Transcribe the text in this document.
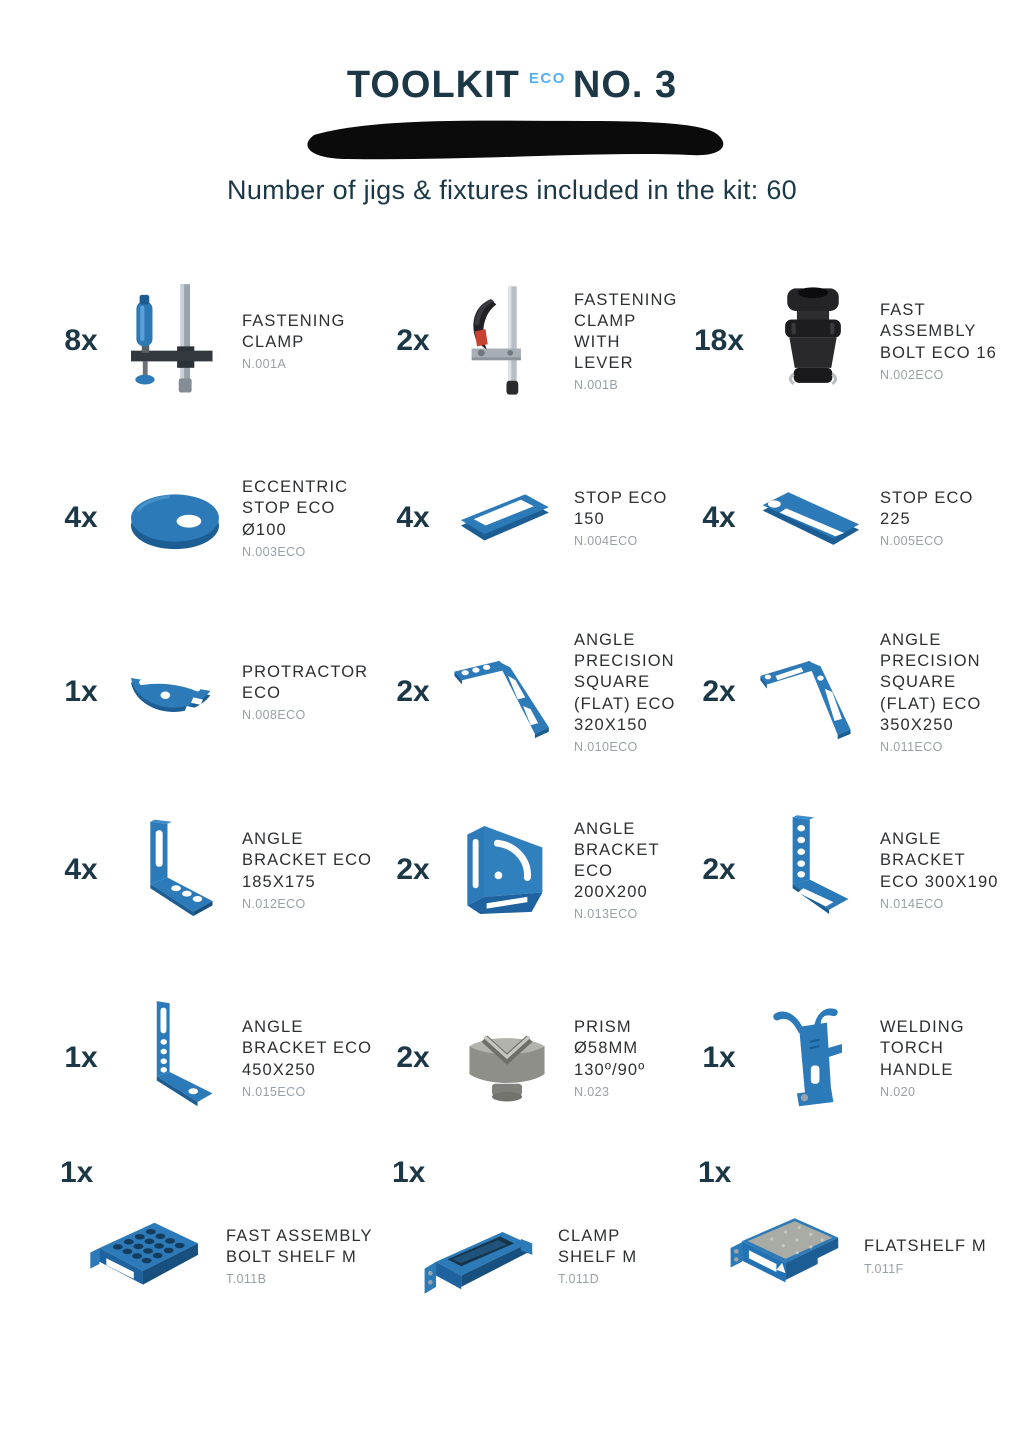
TOOLKIT $^{ECO}$ NO. 3
Number of jigs & fixtures included in the kit: 60
8x
FASTENING CLAMP
N.001A
2x
FASTENING CLAMP WITH LEVER
N.001B
18x
FAST ASSEMBLY BOLT ECO 16
N.002ECO
4x
ECCENTRIC STOP ECO Ø100
N.003ECO
4x
STOP ECO 150
N.004ECO
4x
STOP ECO 225
N.005ECO
1x
PROTRACTOR ECO
N.008ECO
2x
ANGLE PRECISION SQUARE (FLAT) ECO 320X150
N.010ECO
2x
ANGLE PRECISION SQUARE (FLAT) ECO 350X250
N.011ECO
4x
ANGLE BRACKET ECO 185X175
N.012ECO
2x
ANGLE BRACKET ECO 200X200
N.013ECO
2x
ANGLE BRACKET ECO 300X190
N.014ECO
1x
ANGLE BRACKET ECO 450X250
N.015ECO
2x
PRISM Ø58MM 130º/90º
N.023
1x
WELDING TORCH HANDLE
N.020
1x
FAST ASSEMBLY BOLT SHELF M
T.011B
1x
CLAMP SHELF M
T.011D
1x
FLATSHELF M
T.011F
